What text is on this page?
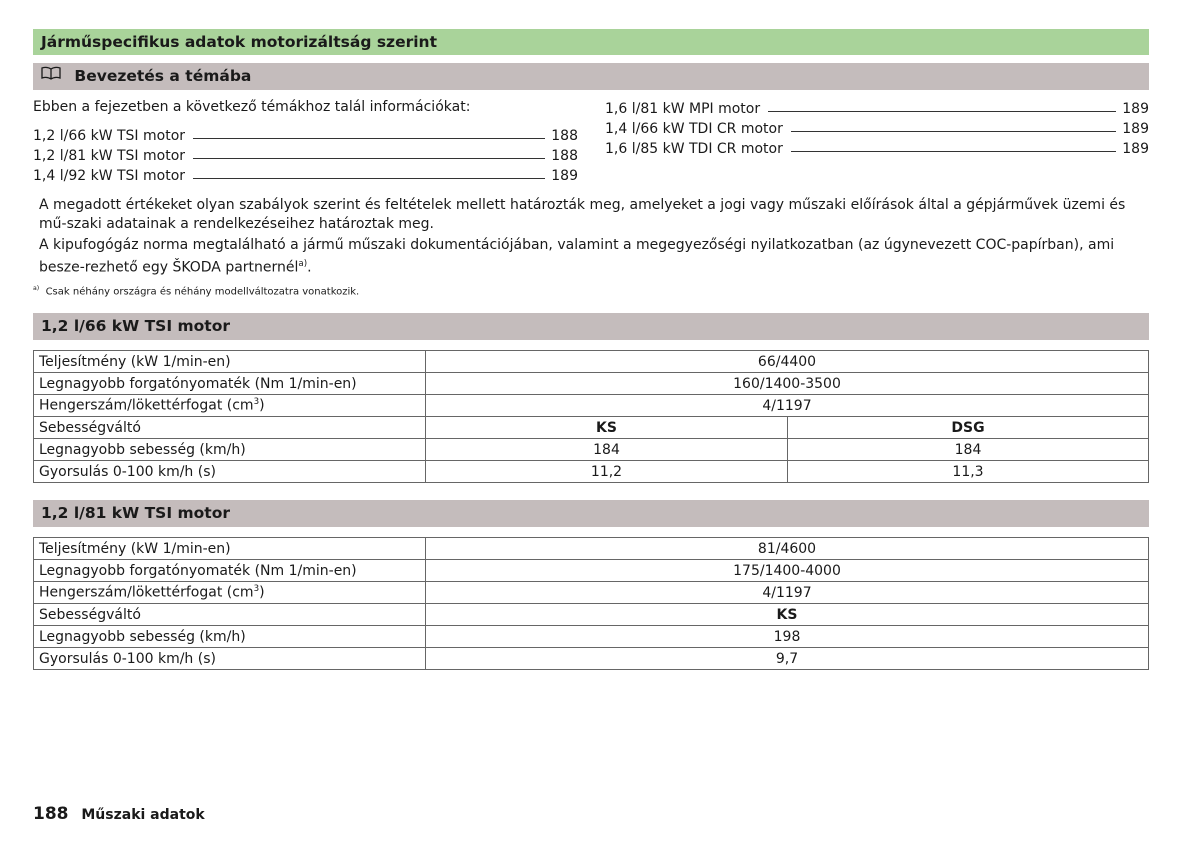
Járműspecifikus adatok motorizáltság szerint
Bevezetés a témába
Ebben a fejezetben a következő témákhoz talál információkat:
1,2 l/66 kW TSI motor	188
1,2 l/81 kW TSI motor	188
1,4 l/92 kW TSI motor	189
1,6 l/81 kW MPI motor	189
1,4 l/66 kW TDI CR motor	189
1,6 l/85 kW TDI CR motor	189
A megadott értékeket olyan szabályok szerint és feltételek mellett határozták meg, amelyeket a jogi vagy műszaki előírások által a gépjárművek üzemi és mű-szaki adatainak a rendelkezéseihez határoztak meg.
A kipufogógáz norma megtalálható a jármű műszaki dokumentációjában, valamint a megegyezőségi nyilatkozatban (az úgynevezett COC-papírban), ami besze-rezhető egy ŠKODA partnernél$^{a)}$.
$^{a)}$ Csak néhány országra és néhány modellváltozatra vonatkozik.
1,2 l/66 kW TSI motor
Teljesítmény (kW 1/min-en)	66/4400	
Legnagyobb forgatónyomaték (Nm 1/min-en)	160/1400-3500	
Hengerszám/lökettérfogat $(cm^3)$	4/1197	
Sebességváltó	KS	DSG
Legnagyobb sebesség (km/h)	184	184
Gyorsulás 0-100 km/h (s)	11,2	11,3
1,2 l/81 kW TSI motor
Teljesítmény (kW 1/min-en)	81/4600
Legnagyobb forgatónyomaték (Nm 1/min-en)	175/1400-4000
Hengerszám/lökettérfogat $(cm^3)$	4/1197
Sebességváltó	KS
Legnagyobb sebesség (km/h)	198
Gyorsulás 0-100 km/h (s)	9,7
188 Műszaki adatok
